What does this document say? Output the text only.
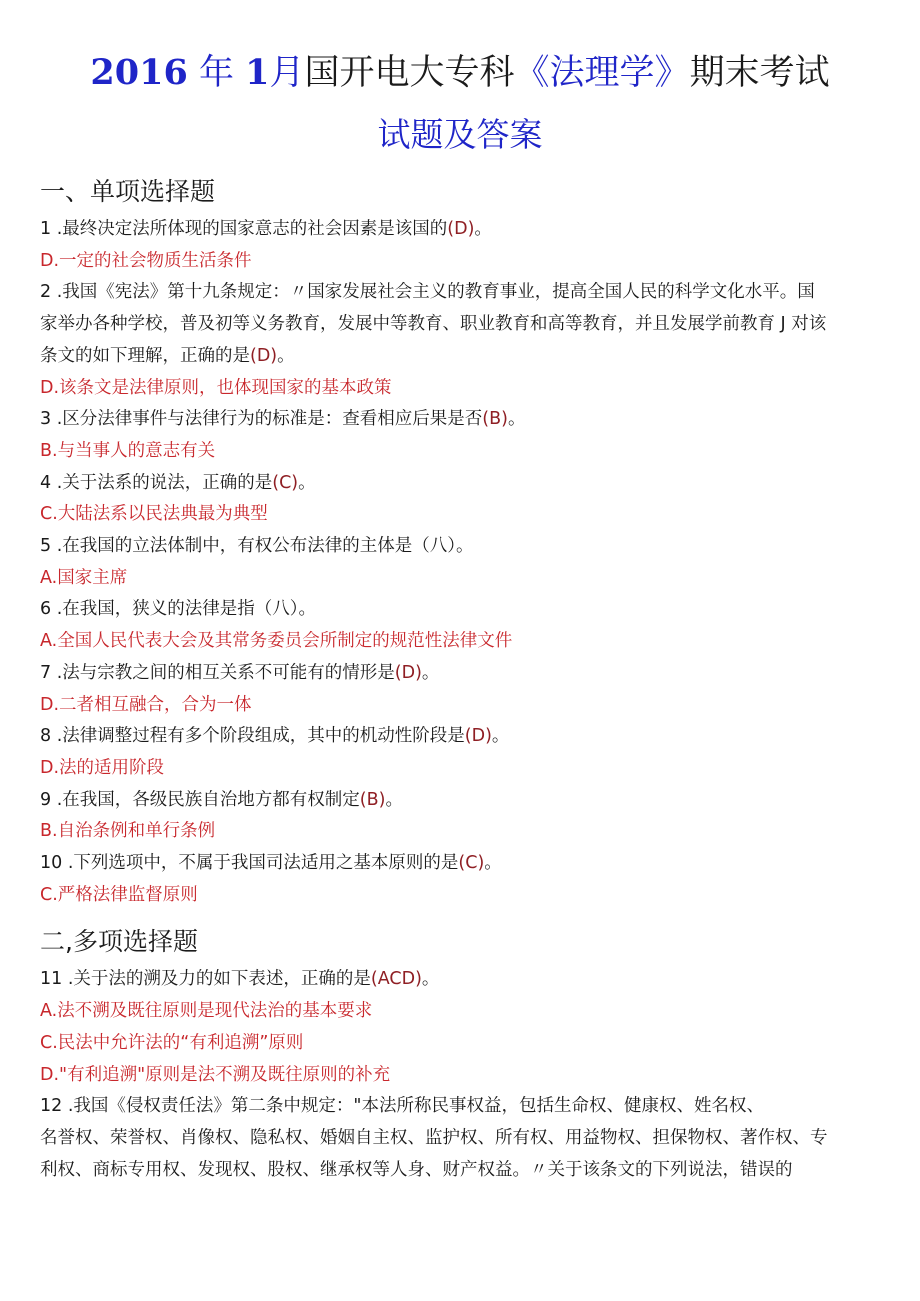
2016 年 1月国开电大专科《法理学》期末考试
试题及答案

一、单项选择题

1 .最终决定法所体现的国家意志的社会因素是该国的(D)。

D.一定的社会物质生活条件

2 .我国《宪法》第十九条规定：〃国家发展社会主义的教育事业，提高全国人民的科学文化水平。国

家举办各种学校，普及初等义务教育，发展中等教育、职业教育和高等教育，并且发展学前教育 J 对该

条文的如下理解，正确的是(D)。

D.该条文是法律原则，也体现国家的基本政策

3 .区分法律事件与法律行为的标准是：查看相应后果是否(B)。

B.与当事人的意志有关

4 .关于法系的说法，正确的是(C)。

C.大陆法系以民法典最为典型

5 .在我国的立法体制中，有权公布法律的主体是（八）。

A.国家主席

6 .在我国，狭义的法律是指（八）。

A.全国人民代表大会及其常务委员会所制定的规范性法律文件

7 .法与宗教之间的相互关系不可能有的情形是(D)。

D.二者相互融合，合为一体

8 .法律调整过程有多个阶段组成，其中的机动性阶段是(D)。

D.法的适用阶段

9 .在我国，各级民族自治地方都有权制定(B)。

B.自治条例和单行条例

10 .下列选项中，不属于我国司法适用之基本原则的是(C)。

C.严格法律监督原则

二,多项选择题

11 .关于法的溯及力的如下表述，正确的是(ACD)。

A.法不溯及既往原则是现代法治的基本要求

C.民法中允许法的“有利追溯”原则

D."有利追溯"原则是法不溯及既往原则的补充

12 .我国《侵权责任法》第二条中规定："本法所称民事权益，包括生命权、健康权、姓名权、

名誉权、荣誉权、肖像权、隐私权、婚姻自主权、监护权、所有权、用益物权、担保物权、著作权、专

利权、商标专用权、发现权、股权、继承权等人身、财产权益。〃关于该条文的下列说法，错误的
